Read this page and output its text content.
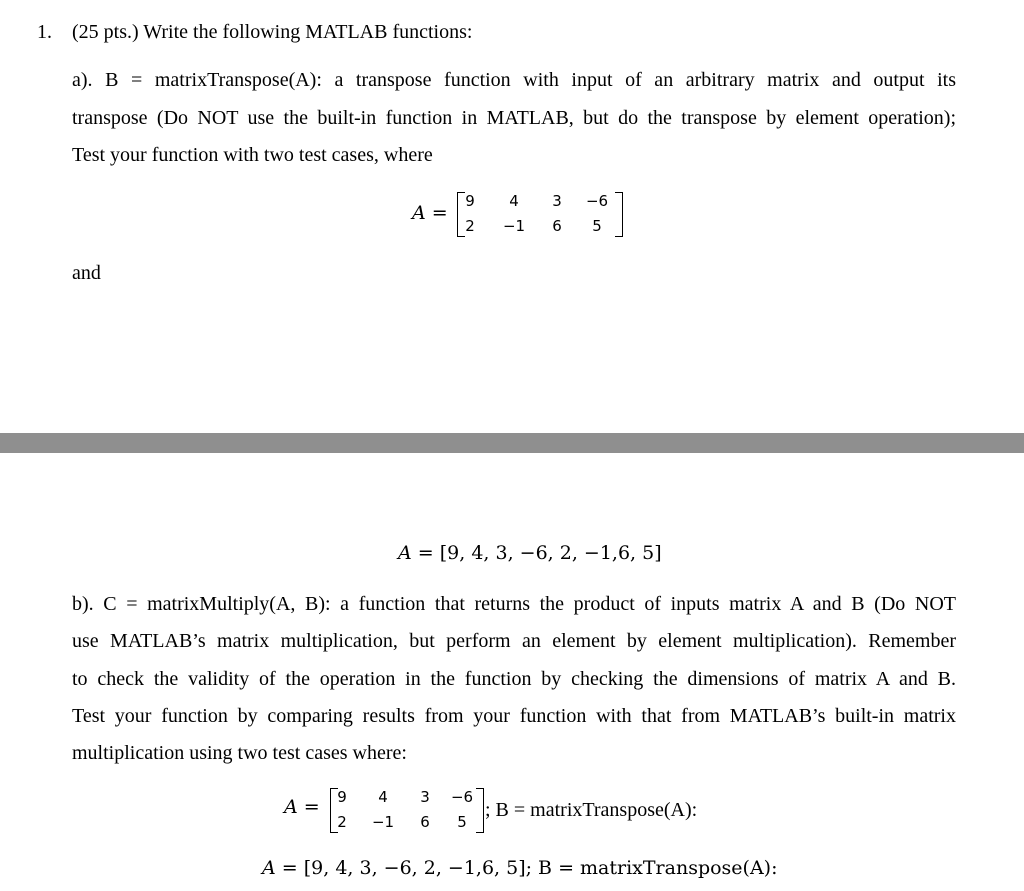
1. (25 pts.) Write the following MATLAB functions:
a). B = matrixTranspose(A): a transpose function with input of an arbitrary matrix and output its
transpose (Do NOT use the built-in function in MATLAB, but do the transpose by element operation);
Test your function with two test cases, where
A =
9	4	3	−6
2	−1	6	5
and
A = [9, 4, 3, −6, 2, −1,6, 5]
b). C = matrixMultiply(A, B): a function that returns the product of inputs matrix A and B (Do NOT
use MATLAB’s matrix multiplication, but perform an element by element multiplication). Remember
to check the validity of the operation in the function by checking the dimensions of matrix A and B.
Test your function by comparing results from your function with that from MATLAB’s built-in matrix
multiplication using two test cases where:
A =	9	4	3	−6
2	−1	6	5
; B = matrixTranspose(A):
A = [9, 4, 3, −6, 2, −1,6, 5]; B = matrixTranspose(A):
